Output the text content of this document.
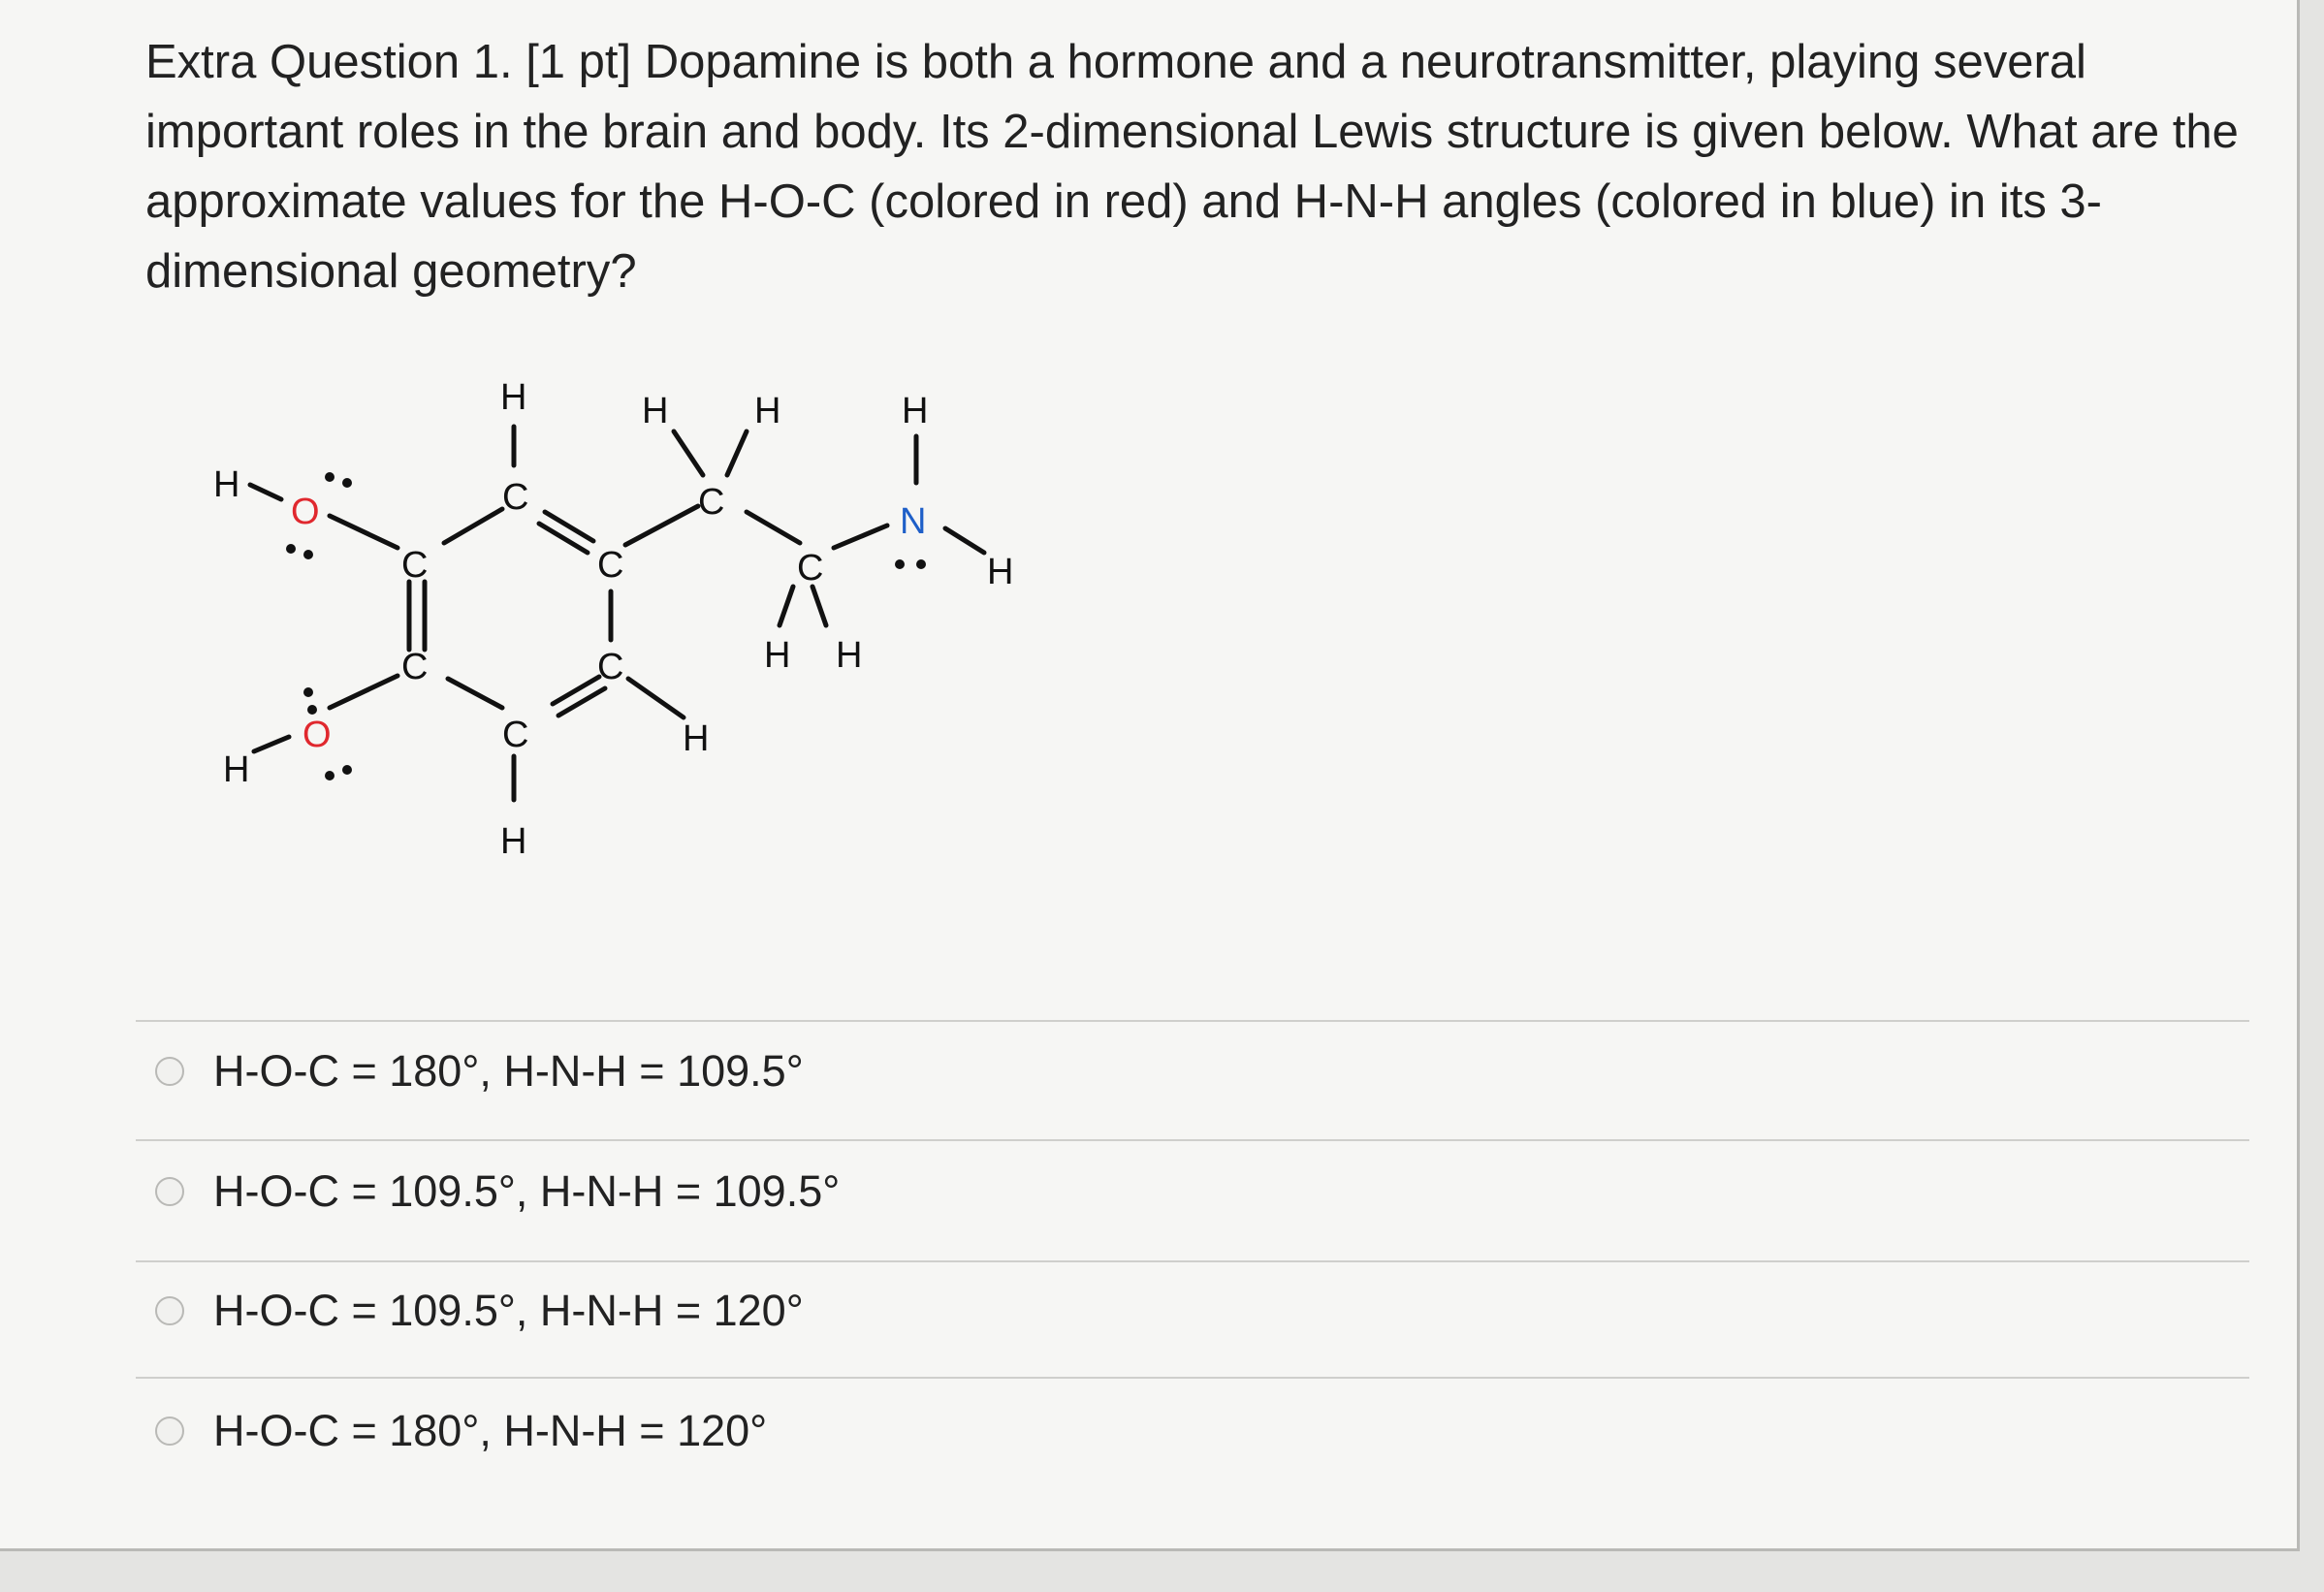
Extra Question 1. [1 pt] Dopamine is both a hormone and a neurotransmitter, playing several important roles in the brain and body. Its 2-dimensional Lewis structure is given below. What are the approximate values for the H-O-C (colored in red) and H-N-H angles (colored in blue) in its 3-dimensional geometry?
H
O
C
C
H
C
C
H
C
H
C
O
H
C
H H
C
H H
N
H
H
H-O-C = 180°, H-N-H = 109.5°
H-O-C = 109.5°, H-N-H = 109.5°
H-O-C = 109.5°, H-N-H = 120°
H-O-C = 180°, H-N-H = 120°
